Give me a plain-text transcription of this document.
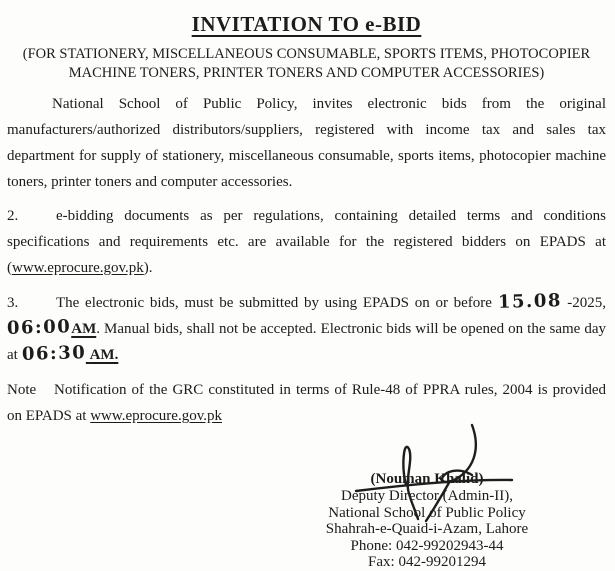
INVITATION TO e-BID
(FOR STATIONERY, MISCELLANEOUS CONSUMABLE, SPORTS ITEMS, PHOTOCOPIER
MACHINE TONERS, PRINTER TONERS AND COMPUTER ACCESSORIES)

National School of Public Policy, invites electronic bids from the original manufacturers/authorized distributors/suppliers, registered with income tax and sales tax department for supply of stationery, miscellaneous consumable, sports items, photocopier machine toners, printer toners and computer accessories.

2.	e-bidding documents as per regulations, containing detailed terms and conditions specifications and requirements etc. are available for the registered bidders on EPADS at (www.eprocure.gov.pk).

3.	The electronic bids, must be submitted by using EPADS on or before 15.08 -2025, 06:00AM. Manual bids, shall not be accepted. Electronic bids will be opened on the same day at 06:30 AM.

Note Notification of the GRC constituted in terms of Rule-48 of PPRA rules, 2004 is provided on EPADS at www.eprocure.gov.pk

(Nouman Khalid)
Deputy Director (Admin-II),
National School of Public Policy
Shahrah-e-Quaid-i-Azam, Lahore
Phone: 042-99202943-44
Fax: 042-99201294
